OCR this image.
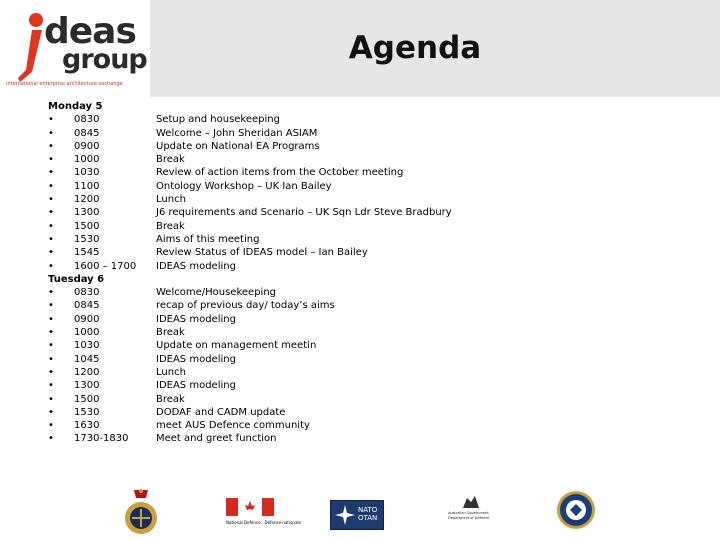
deas
group
international enterprise architecture exchange
Agenda
Monday 5
• 0830	Setup and housekeeping
• 0845	Welcome – John Sheridan ASIAM
• 0900	Update on National EA Programs
• 1000	Break
• 1030	Review of action items from the October meeting
• 1100	Ontology Workshop – UK Ian Bailey
• 1200	Lunch
• 1300	J6 requirements and Scenario – UK Sqn Ldr Steve Bradbury
• 1500	Break
• 1530	Aims of this meeting
• 1545	Review Status of IDEAS model – Ian Bailey
• 1600 – 1700 IDEAS modeling
Tuesday 6
• 0830	Welcome/Housekeeping
• 0845	recap of previous day/ today’s aims
• 0900	IDEAS modeling
• 1000	Break
• 1030	Update on management meetin
• 1045	IDEAS modeling
• 1200	Lunch
• 1300	IDEAS modeling
• 1500	Break
• 1530	DODAF and CADM update
• 1630	meet AUS Defence community
• 1730-1830	Meet and greet function
National Defence Défense nationale
NATO
OTAN
Australian Government Department of Defence
